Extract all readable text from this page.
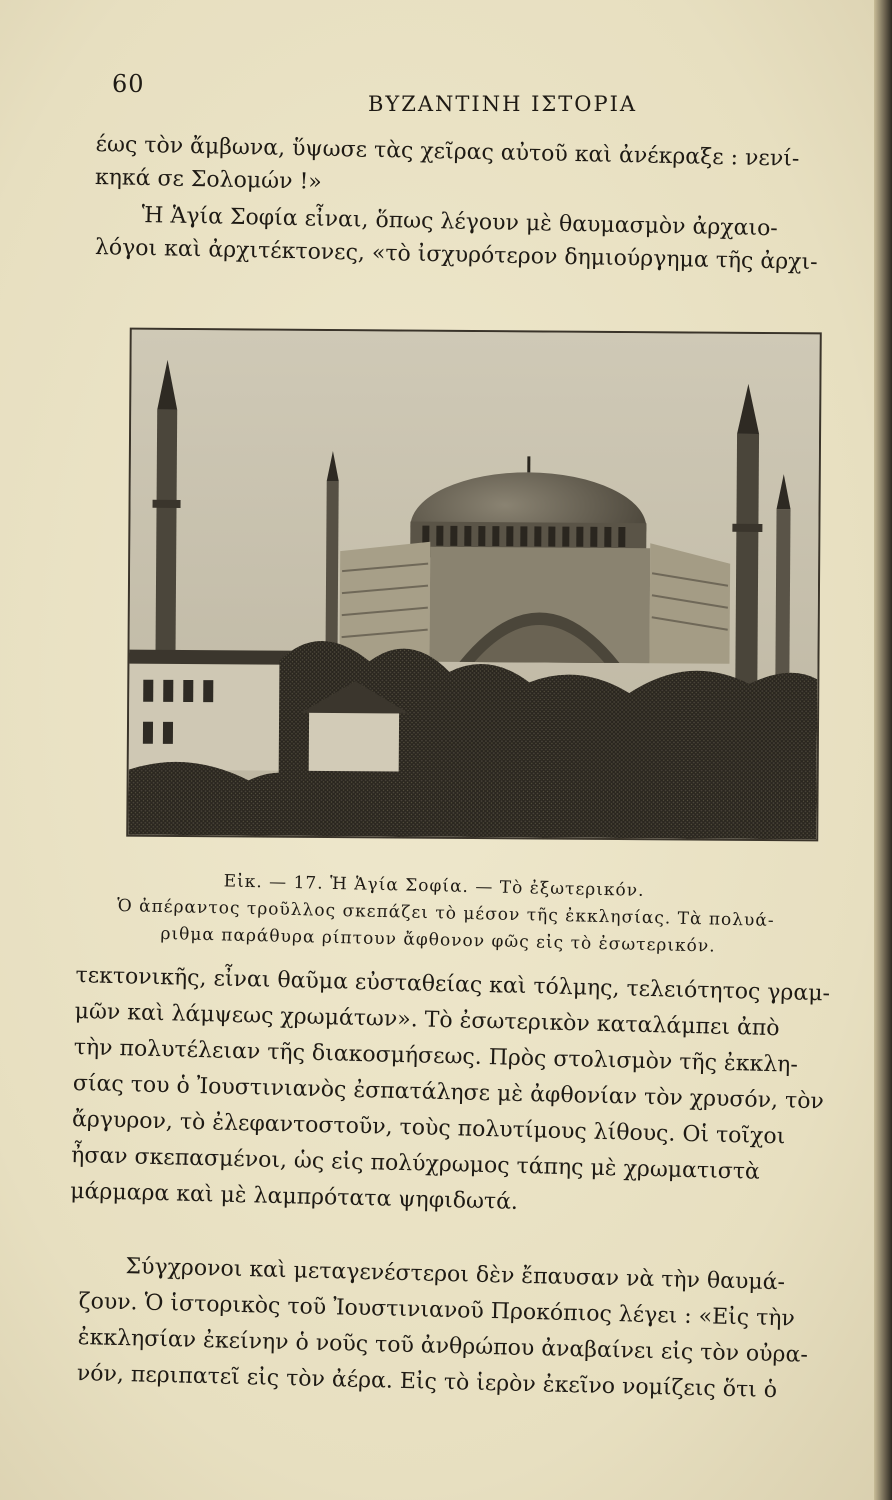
60
ΒΥΖΑΝΤΙΝΗ ΙΣΤΟΡΙΑ

έως τὸν ἄμβωνα, ὕψωσε τὰς χεῖρας αὐτοῦ καὶ ἀνέκραξε : νενί-
κηκά σε Σολομών !»

Ἡ Ἁγία Σοφία εἶναι, ὅπως λέγουν μὲ θαυμασμὸν ἀρχαιο-
λόγοι καὶ ἀρχιτέκτονες, «τὸ ἰσχυρότερον δημιούργημα τῆς ἀρχι-

Εἰκ. — 17. Ἡ Ἁγία Σοφία. — Τὸ ἐξωτερικόν.
Ὁ ἀπέραντος τροῦλλος σκεπάζει τὸ μέσον τῆς ἐκκλησίας. Τὰ πολυά-
ριθμα παράθυρα ρίπτουν ἄφθονον φῶς εἰς τὸ ἐσωτερικόν.

τεκτονικῆς, εἶναι θαῦμα εὐσταθείας καὶ τόλμης, τελειότητος γραμ-
μῶν καὶ λάμψεως χρωμάτων». Τὸ ἐσωτερικὸν καταλάμπει ἀπὸ
τὴν πολυτέλειαν τῆς διακοσμήσεως. Πρὸς στολισμὸν τῆς ἐκκλη-
σίας του ὁ Ἰουστινιανὸς ἐσπατάλησε μὲ ἀφθονίαν τὸν χρυσόν, τὸν
ἄργυρον, τὸ ἐλεφαντοστοῦν, τοὺς πολυτίμους λίθους. Οἱ τοῖχοι
ἦσαν σκεπασμένοι, ὡς εἰς πολύχρωμος τάπης μὲ χρωματιστὰ
μάρμαρα καὶ μὲ λαμπρότατα ψηφιδωτά.

Σύγχρονοι καὶ μεταγενέστεροι δὲν ἔπαυσαν νὰ τὴν θαυμά-
ζουν. Ὁ ἱστορικὸς τοῦ Ἰουστινιανοῦ Προκόπιος λέγει : «Εἰς τὴν
ἐκκλησίαν ἐκείνην ὁ νοῦς τοῦ ἀνθρώπου ἀναβαίνει εἰς τὸν οὐρα-
νόν, περιπατεῖ εἰς τὸν ἀέρα. Εἰς τὸ ἱερὸν ἐκεῖνο νομίζεις ὅτι ὁ
